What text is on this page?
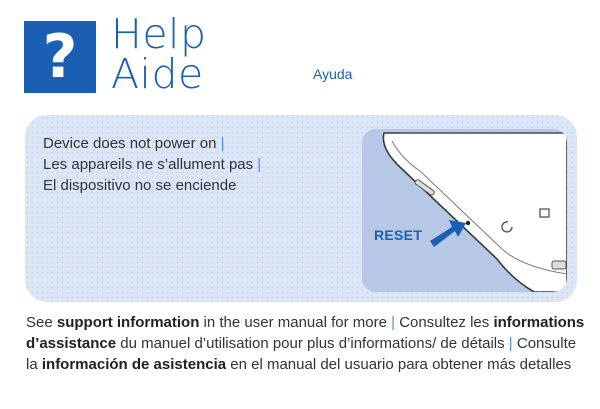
? Help
Aide	Ayuda
Device does not power on |
Les appareils ne s’allument pas |
El dispositivo no se enciende
RESET
See support information in the user manual for more | Consultez les informations d’assistance du manuel d’utilisation pour plus d’informations/ de détails | Consulte la información de asistencia en el manual del usuario para obtener más detalles
